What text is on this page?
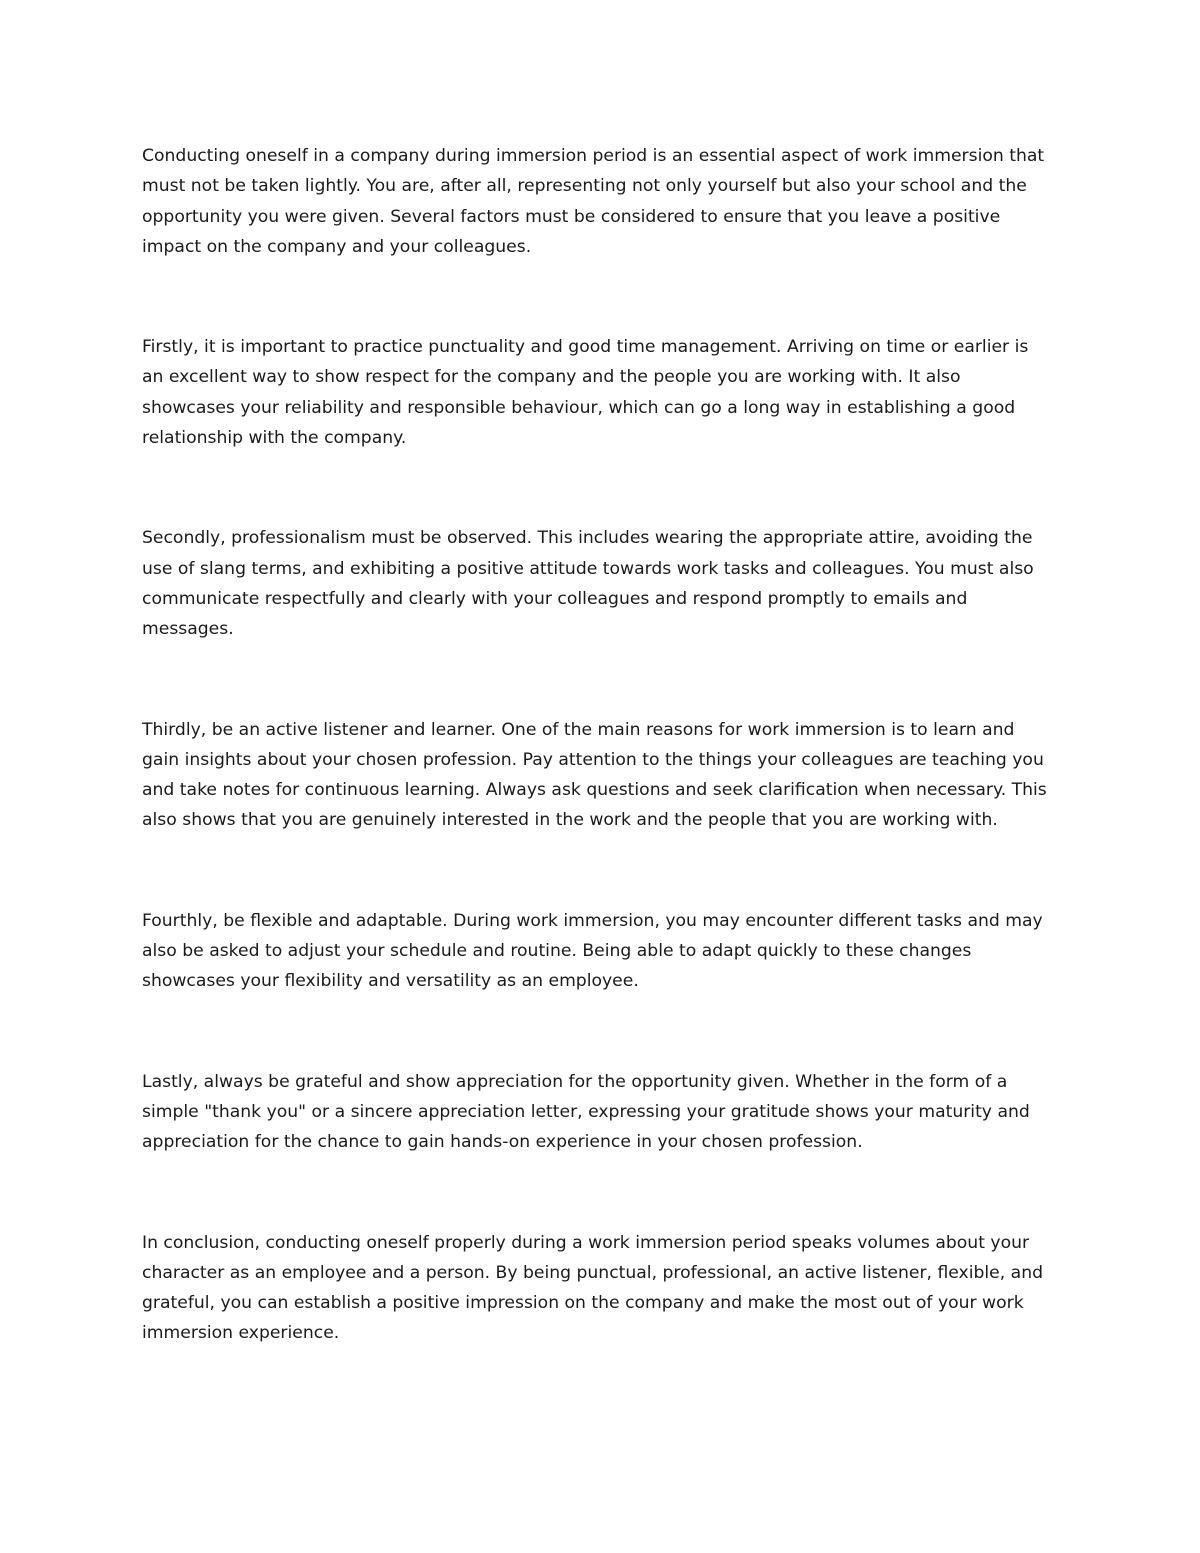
Conducting oneself in a company during immersion period is an essential aspect of work immersion that
must not be taken lightly. You are, after all, representing not only yourself but also your school and the
opportunity you were given. Several factors must be considered to ensure that you leave a positive
impact on the company and your colleagues.

Firstly, it is important to practice punctuality and good time management. Arriving on time or earlier is
an excellent way to show respect for the company and the people you are working with. It also
showcases your reliability and responsible behaviour, which can go a long way in establishing a good
relationship with the company.

Secondly, professionalism must be observed. This includes wearing the appropriate attire, avoiding the
use of slang terms, and exhibiting a positive attitude towards work tasks and colleagues. You must also
communicate respectfully and clearly with your colleagues and respond promptly to emails and
messages.

Thirdly, be an active listener and learner. One of the main reasons for work immersion is to learn and
gain insights about your chosen profession. Pay attention to the things your colleagues are teaching you
and take notes for continuous learning. Always ask questions and seek clarification when necessary. This
also shows that you are genuinely interested in the work and the people that you are working with.

Fourthly, be flexible and adaptable. During work immersion, you may encounter different tasks and may
also be asked to adjust your schedule and routine. Being able to adapt quickly to these changes
showcases your flexibility and versatility as an employee.

Lastly, always be grateful and show appreciation for the opportunity given. Whether in the form of a
simple "thank you" or a sincere appreciation letter, expressing your gratitude shows your maturity and
appreciation for the chance to gain hands-on experience in your chosen profession.

In conclusion, conducting oneself properly during a work immersion period speaks volumes about your
character as an employee and a person. By being punctual, professional, an active listener, flexible, and
grateful, you can establish a positive impression on the company and make the most out of your work
immersion experience.
